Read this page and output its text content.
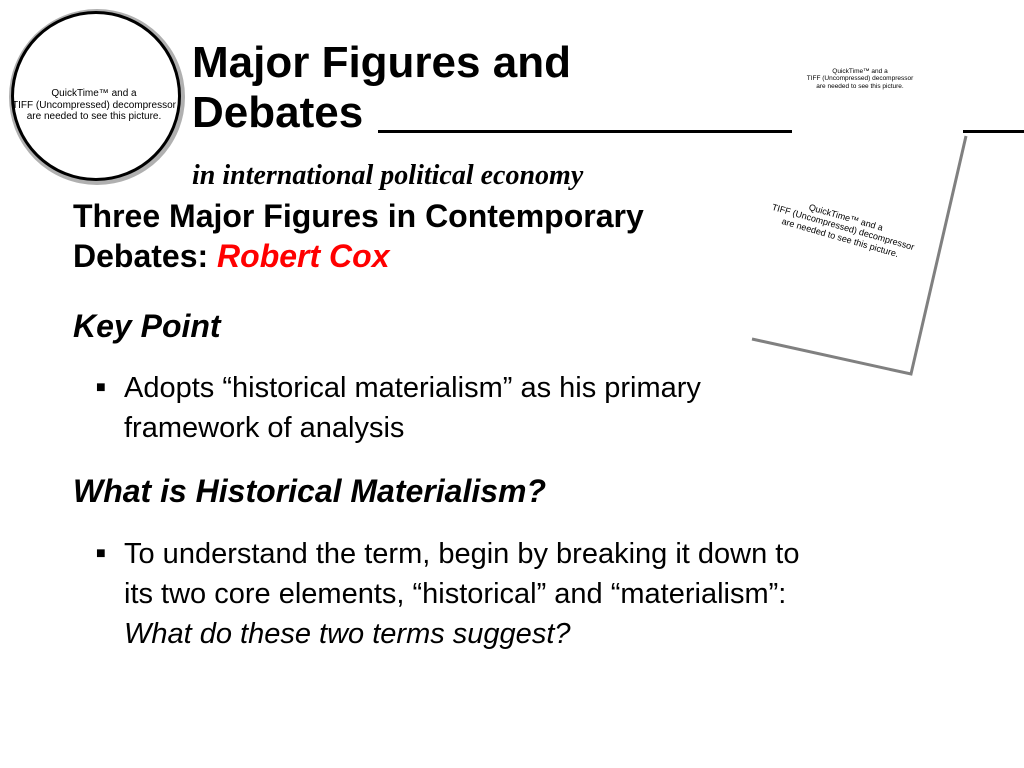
QuickTime™ and a
TIFF (Uncompressed) decompressor
are needed to see this picture.
Major Figures and
Debates
in international political economy
QuickTime™ and a
TIFF (Uncompressed) decompressor
are needed to see this picture.
QuickTime™ and a
TIFF (Uncompressed) decompressor
are needed to see this picture.
Three Major Figures in Contemporary
Debates: Robert Cox
Key Point
■ Adopts “historical materialism” as his primary
framework of analysis
What is Historical Materialism?
■ To understand the term, begin by breaking it down to
its two core elements, “historical” and “materialism”:
What do these two terms suggest?
